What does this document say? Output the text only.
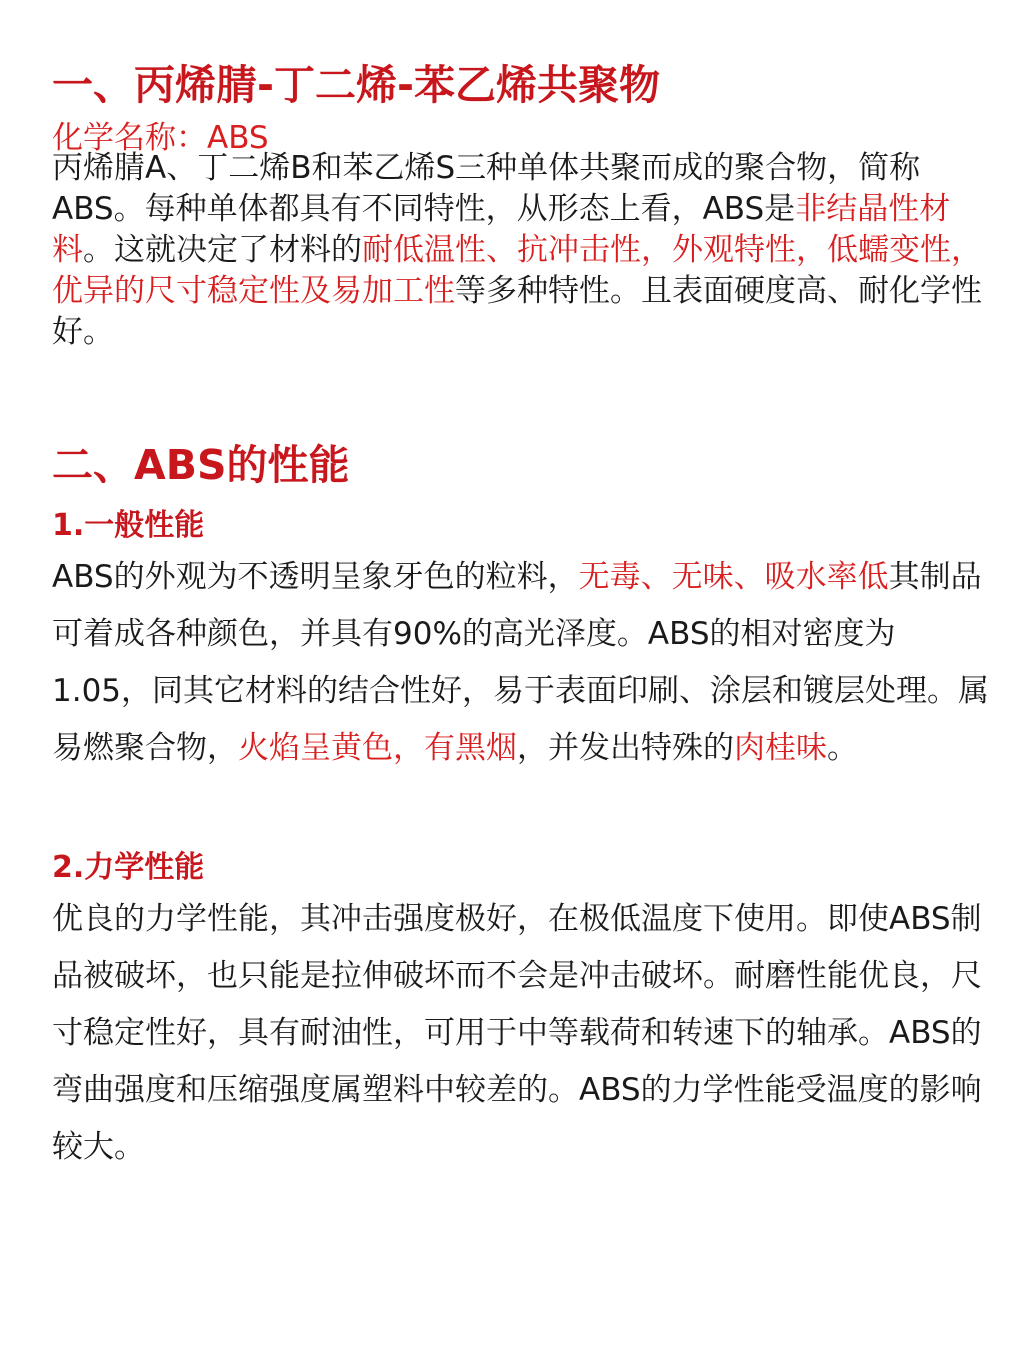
一、丙烯腈-丁二烯-苯乙烯共聚物
化学名称：ABS

丙烯腈A、丁二烯B和苯乙烯S三种单体共聚而成的聚合物，简称ABS。每种单体都具有不同特性，从形态上看，ABS是非结晶性材料。这就决定了材料的耐低温性、抗冲击性，外观特性，低蠕变性，优异的尺寸稳定性及易加工性等多种特性。且表面硬度高、耐化学性好。

二、ABS的性能
1.一般性能

ABS的外观为不透明呈象牙色的粒料，无毒、无味、吸水率低其制品可着成各种颜色，并具有90%的高光泽度。ABS的相对密度为1.05，同其它材料的结合性好，易于表面印刷、涂层和镀层处理。属易燃聚合物，火焰呈黄色，有黑烟，并发出特殊的肉桂味。

2.力学性能

优良的力学性能，其冲击强度极好，在极低温度下使用。即使ABS制品被破坏，也只能是拉伸破坏而不会是冲击破坏。耐磨性能优良，尺寸稳定性好，具有耐油性，可用于中等载荷和转速下的轴承。ABS的弯曲强度和压缩强度属塑料中较差的。ABS的力学性能受温度的影响较大。
